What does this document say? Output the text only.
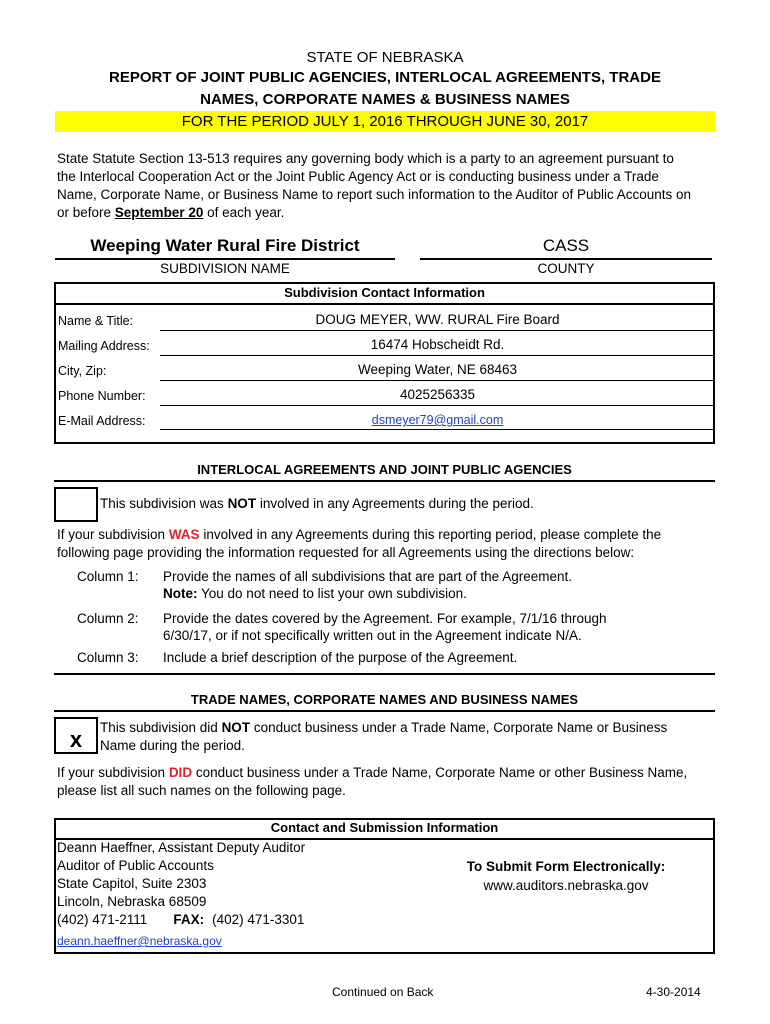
STATE OF NEBRASKA
REPORT OF JOINT PUBLIC AGENCIES, INTERLOCAL AGREEMENTS, TRADE
NAMES, CORPORATE NAMES & BUSINESS NAMES
FOR THE PERIOD JULY 1, 2016 THROUGH JUNE 30, 2017
State Statute Section 13-513 requires any governing body which is a party to an agreement pursuant to
the Interlocal Cooperation Act or the Joint Public Agency Act or is conducting business under a Trade
Name, Corporate Name, or Business Name to report such information to the Auditor of Public Accounts on
or before September 20 of each year.
Weeping Water Rural Fire District
SUBDIVISION NAME
CASS
COUNTY
Subdivision Contact Information
Name & Title:	DOUG MEYER, WW. RURAL Fire Board
Mailing Address:	16474 Hobscheidt Rd.
City, Zip:	Weeping Water, NE 68463
Phone Number:	4025256335
E-Mail Address:	dsmeyer79@gmail.com
INTERLOCAL AGREEMENTS AND JOINT PUBLIC AGENCIES
This subdivision was NOT involved in any Agreements during the period.
If your subdivision WAS involved in any Agreements during this reporting period, please complete the
following page providing the information requested for all Agreements using the directions below:
Column 1: Provide the names of all subdivisions that are part of the Agreement.
Note: You do not need to list your own subdivision.
Column 2: Provide the dates covered by the Agreement. For example, 7/1/16 through
6/30/17, or if not specifically written out in the Agreement indicate N/A.
Column 3: Include a brief description of the purpose of the Agreement.
TRADE NAMES, CORPORATE NAMES AND BUSINESS NAMES
x	This subdivision did NOT conduct business under a Trade Name, Corporate Name or Business
Name during the period.
If your subdivision DID conduct business under a Trade Name, Corporate Name or other Business Name,
please list all such names on the following page.
Contact and Submission Information
Deann Haeffner, Assistant Deputy Auditor
Auditor of Public Accounts
State Capitol, Suite 2303
Lincoln, Nebraska 68509
(402) 471-2111 FAX: (402) 471-3301
deann.haeffner@nebraska.gov
To Submit Form Electronically:
www.auditors.nebraska.gov
Continued on Back	4-30-2014
